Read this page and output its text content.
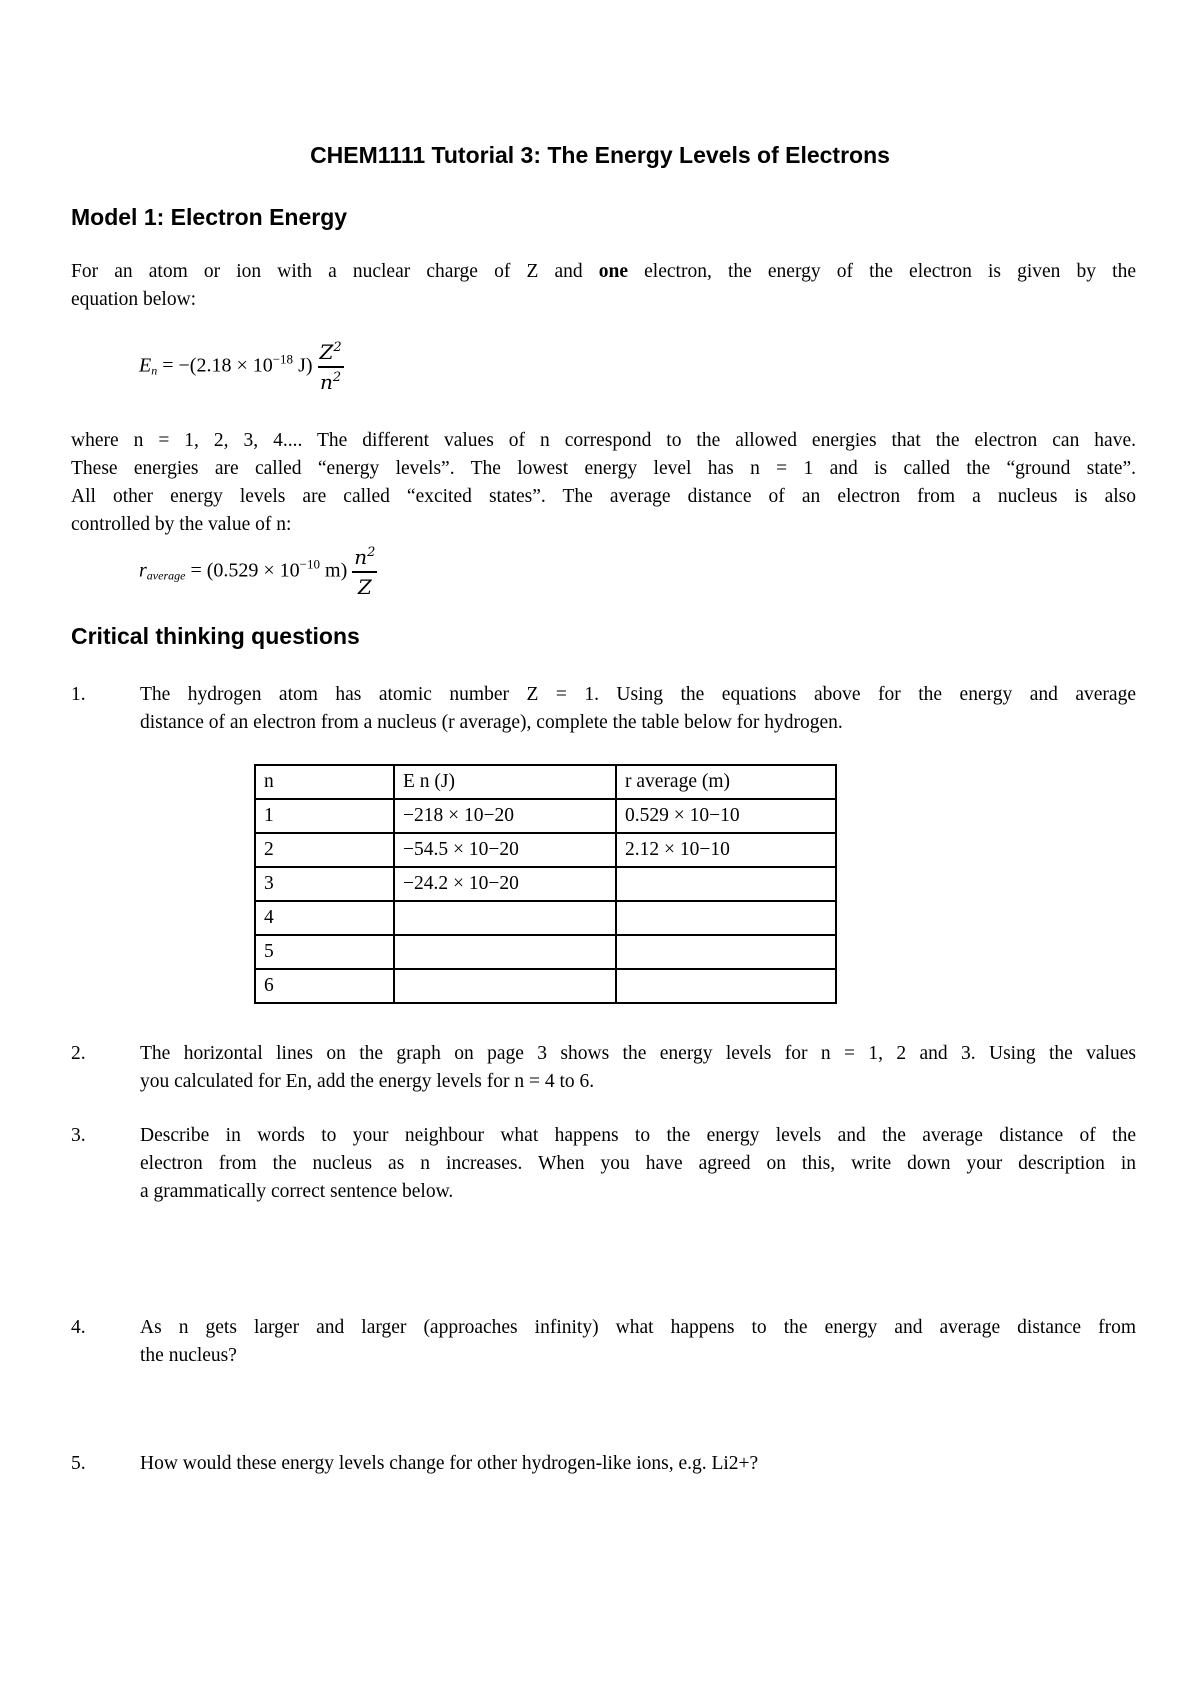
CHEM1111 Tutorial 3: The Energy Levels of Electrons
Model 1: Electron Energy
For an atom or ion with a nuclear charge of Z and one electron, the energy of the electron is given by the
equation below:
$E_n = -(2.18 \times 10^{-18}$ $J) \frac{Z^2}{n^2}$
where n = 1, 2, 3, 4.... The different values of n correspond to the allowed energies that the electron can have.
These energies are called “energy levels”. The lowest energy level has n = 1 and is called the “ground state”.
All other energy levels are called “excited states”. The average distance of an electron from a nucleus is also
controlled by the value of n:
$r_{average} = (0.529 \times 10^{-10}$ $m) \frac{n^2}{Z}$
Critical thinking questions
1.	The hydrogen atom has atomic number Z = 1. Using the equations above for the energy and average
distance of an electron from a nucleus (r average), complete the table below for hydrogen.
n	E n (J)	r average (m)
1	−218 × 10−20	0.529 × 10−10
2	−54.5 × 10−20	2.12 × 10−10
3	−24.2 × 10−20	
4		
5		
6		
2.	The horizontal lines on the graph on page 3 shows the energy levels for n = 1, 2 and 3. Using the values
you calculated for En, add the energy levels for n = 4 to 6.
3.	Describe in words to your neighbour what happens to the energy levels and the average distance of the
electron from the nucleus as n increases. When you have agreed on this, write down your description in
a grammatically correct sentence below.
4.	As n gets larger and larger (approaches infinity) what happens to the energy and average distance from
the nucleus?
5.	How would these energy levels change for other hydrogen-like ions, e.g. Li2+?
